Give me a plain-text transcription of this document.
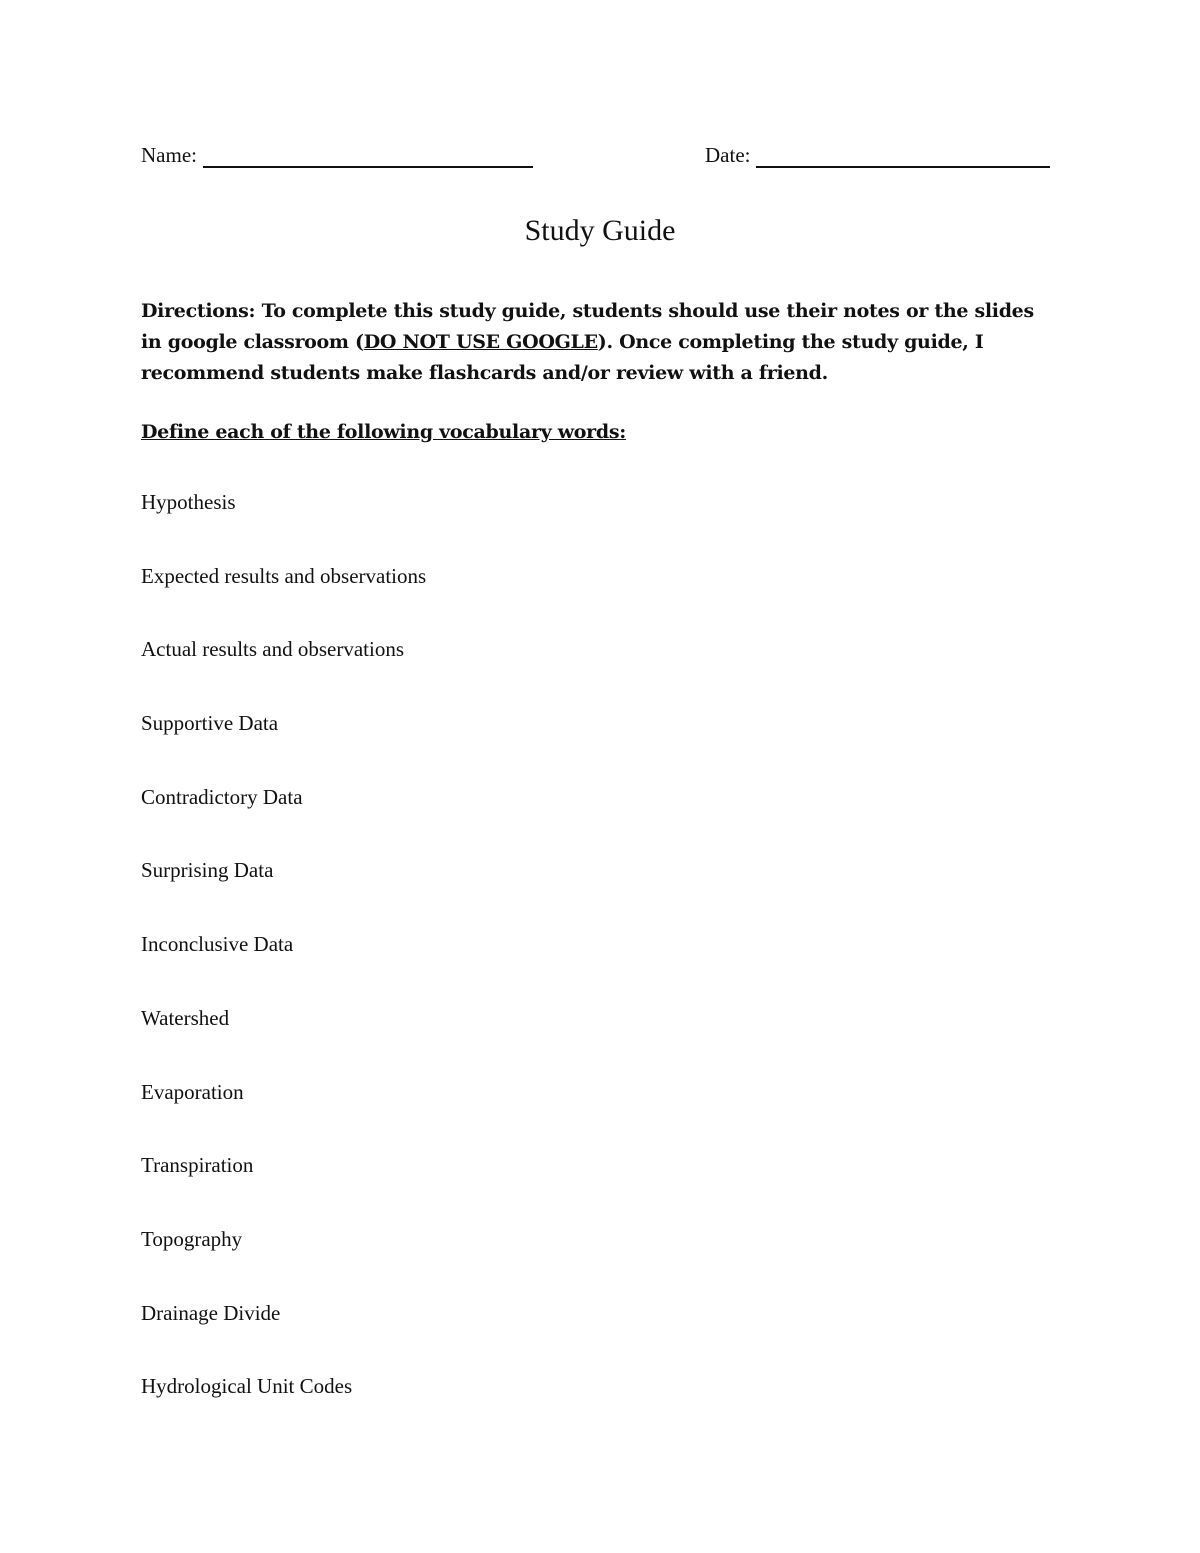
Name:	Date:
Study Guide
Directions: To complete this study guide, students should use their notes or the slides in google classroom (DO NOT USE GOOGLE). Once completing the study guide, I recommend students make flashcards and/or review with a friend.
Define each of the following vocabulary words:
Hypothesis
Expected results and observations
Actual results and observations
Supportive Data
Contradictory Data
Surprising Data
Inconclusive Data
Watershed
Evaporation
Transpiration
Topography
Drainage Divide
Hydrological Unit Codes
